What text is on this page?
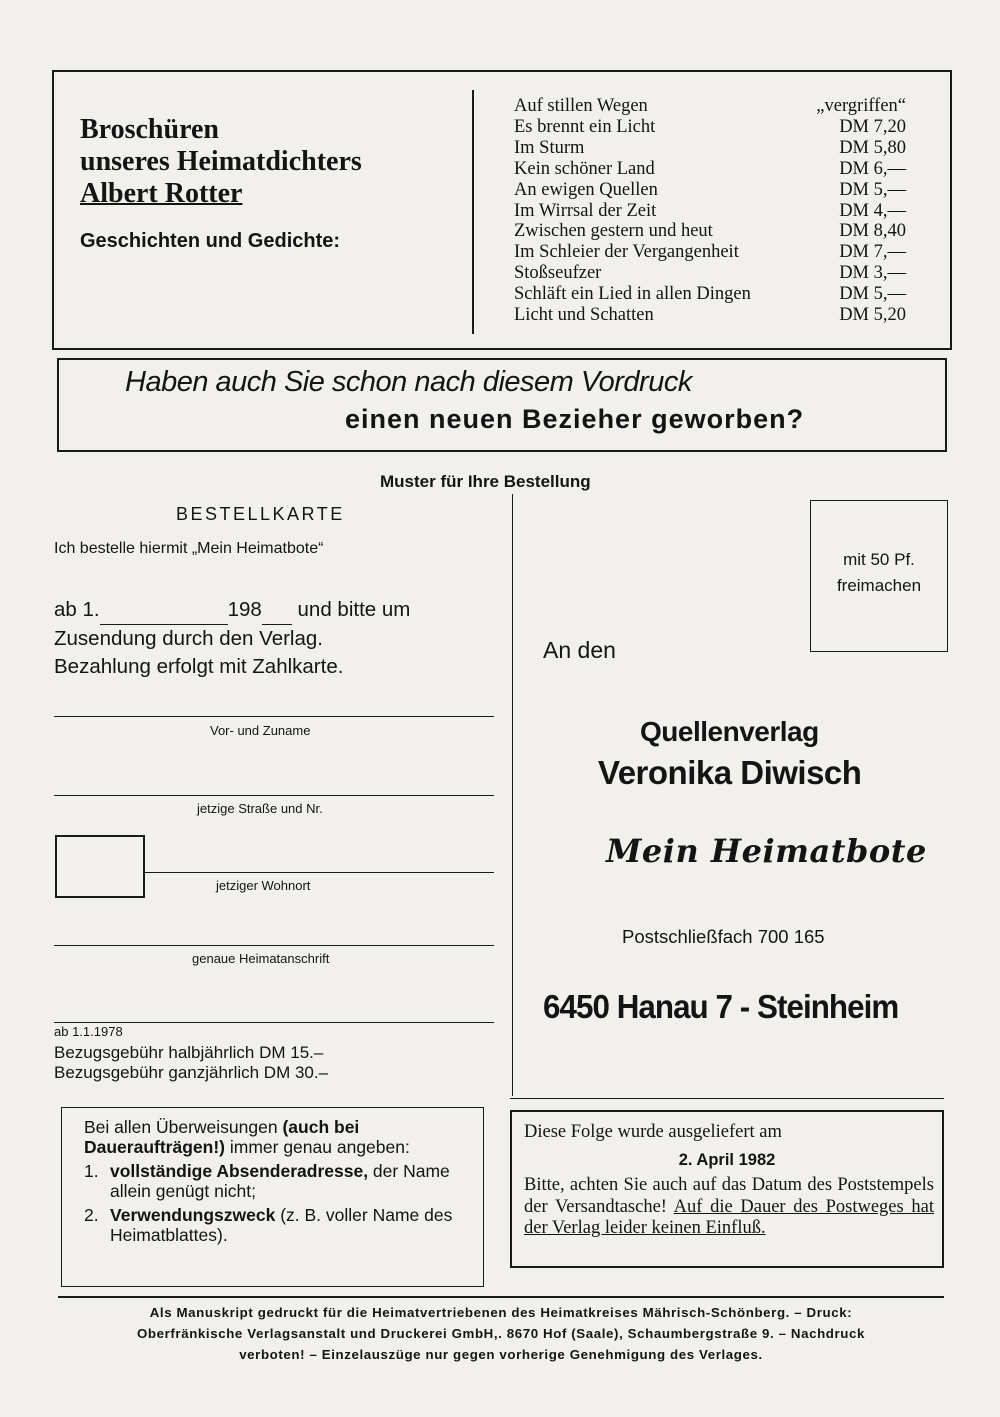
Broschüren
unseres Heimatdichters
Albert Rotter
Geschichten und Gedichte:
Auf stillen Wegen	„vergriffen“
Es brennt ein Licht	DM 7,20
Im Sturm	DM 5,80
Kein schöner Land	DM 6,—
An ewigen Quellen	DM 5,—
Im Wirrsal der Zeit	DM 4,—
Zwischen gestern und heut	DM 8,40
Im Schleier der Vergangenheit	DM 7,—
Stoßseufzer	DM 3,—
Schläft ein Lied in allen Dingen	DM 5,—
Licht und Schatten	DM 5,20
Haben auch Sie schon nach diesem Vordruck
einen neuen Bezieher geworben?
Muster für Ihre Bestellung
BESTELLKARTE
Ich bestelle hiermit „Mein Heimatbote“
ab 1.	198 und bitte um
Zusendung durch den Verlag.
Bezahlung erfolgt mit Zahlkarte.
Vor- und Zuname
jetzige Straße und Nr.
jetziger Wohnort
genaue Heimatanschrift
ab 1.1.1978
Bezugsgebühr halbjährlich DM 15.–
Bezugsgebühr ganzjährlich DM 30.–
mit 50 Pf.
freimachen
An den
Quellenverlag
Veronika Diwisch
Mein Heimatbote
Postschließfach 700 165
6450 Hanau 7 - Steinheim
Bei allen Überweisungen (auch bei Daueraufträgen!) immer genau angeben:
1. vollständige Absenderadresse, der Name allein genügt nicht;
2. Verwendungszweck (z. B. voller Name des Heimatblattes).
Diese Folge wurde ausgeliefert am
2. April 1982
Bitte, achten Sie auch auf das Datum des Poststempels der Versandtasche! Auf die Dauer des Postweges hat der Verlag leider keinen Einfluß.
Als Manuskript gedruckt für die Heimatvertriebenen des Heimatkreises Mährisch-Schönberg. – Druck:
Oberfränkische Verlagsanstalt und Druckerei GmbH,. 8670 Hof (Saale), Schaumbergstraße 9. – Nachdruck
verboten! – Einzelauszüge nur gegen vorherige Genehmigung des Verlages.
